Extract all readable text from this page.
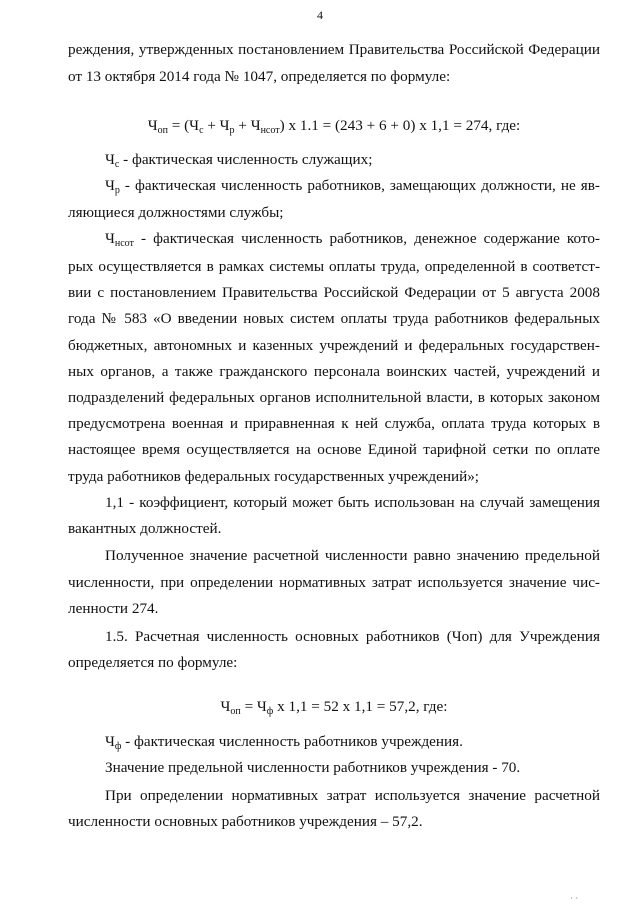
4
реждения, утвержденных постановлением Правительства Российской Федерации
от 13 октября 2014 года № 1047, определяется по формуле:
$Ч_{оп} = (Ч_с + Ч_р + Ч_{нсот})$ х 1.1 = (243 + 6 + 0) х 1,1 = 274, где:
$Ч_с$ - фактическая численность служащих;
$Ч_р$ - фактическая численность работников, замещающих должности, не яв-
ляющиеся должностями службы;
$Ч_{нсот}$ - фактическая численность работников, денежное содержание кото-
рых осуществляется в рамках системы оплаты труда, определенной в соответст-
вии с постановлением Правительства Российской Федерации от 5 августа 2008
года № 583 «О введении новых систем оплаты труда работников федеральных
бюджетных, автономных и казенных учреждений и федеральных государствен-
ных органов, а также гражданского персонала воинских частей, учреждений и
подразделений федеральных органов исполнительной власти, в которых законом
предусмотрена военная и приравненная к ней служба, оплата труда которых в
настоящее время осуществляется на основе Единой тарифной сетки по оплате
труда работников федеральных государственных учреждений»;
1,1 - коэффициент, который может быть использован на случай замещения
вакантных должностей.
Полученное значение расчетной численности равно значению предельной
численности, при определении нормативных затрат используется значение чис-
ленности 274.
1.5. Расчетная численность основных работников (Чоп) для Учреждения
определяется по формуле:
$Ч_{оп} = Ч_ф$ х 1,1 = 52 х 1,1 = 57,2, где:
$Ч_ф$ - фактическая численность работников учреждения.
Значение предельной численности работников учреждения - 70.
При определении нормативных затрат используется значение расчетной
численности основных работников учреждения – 57,2.
· ·
